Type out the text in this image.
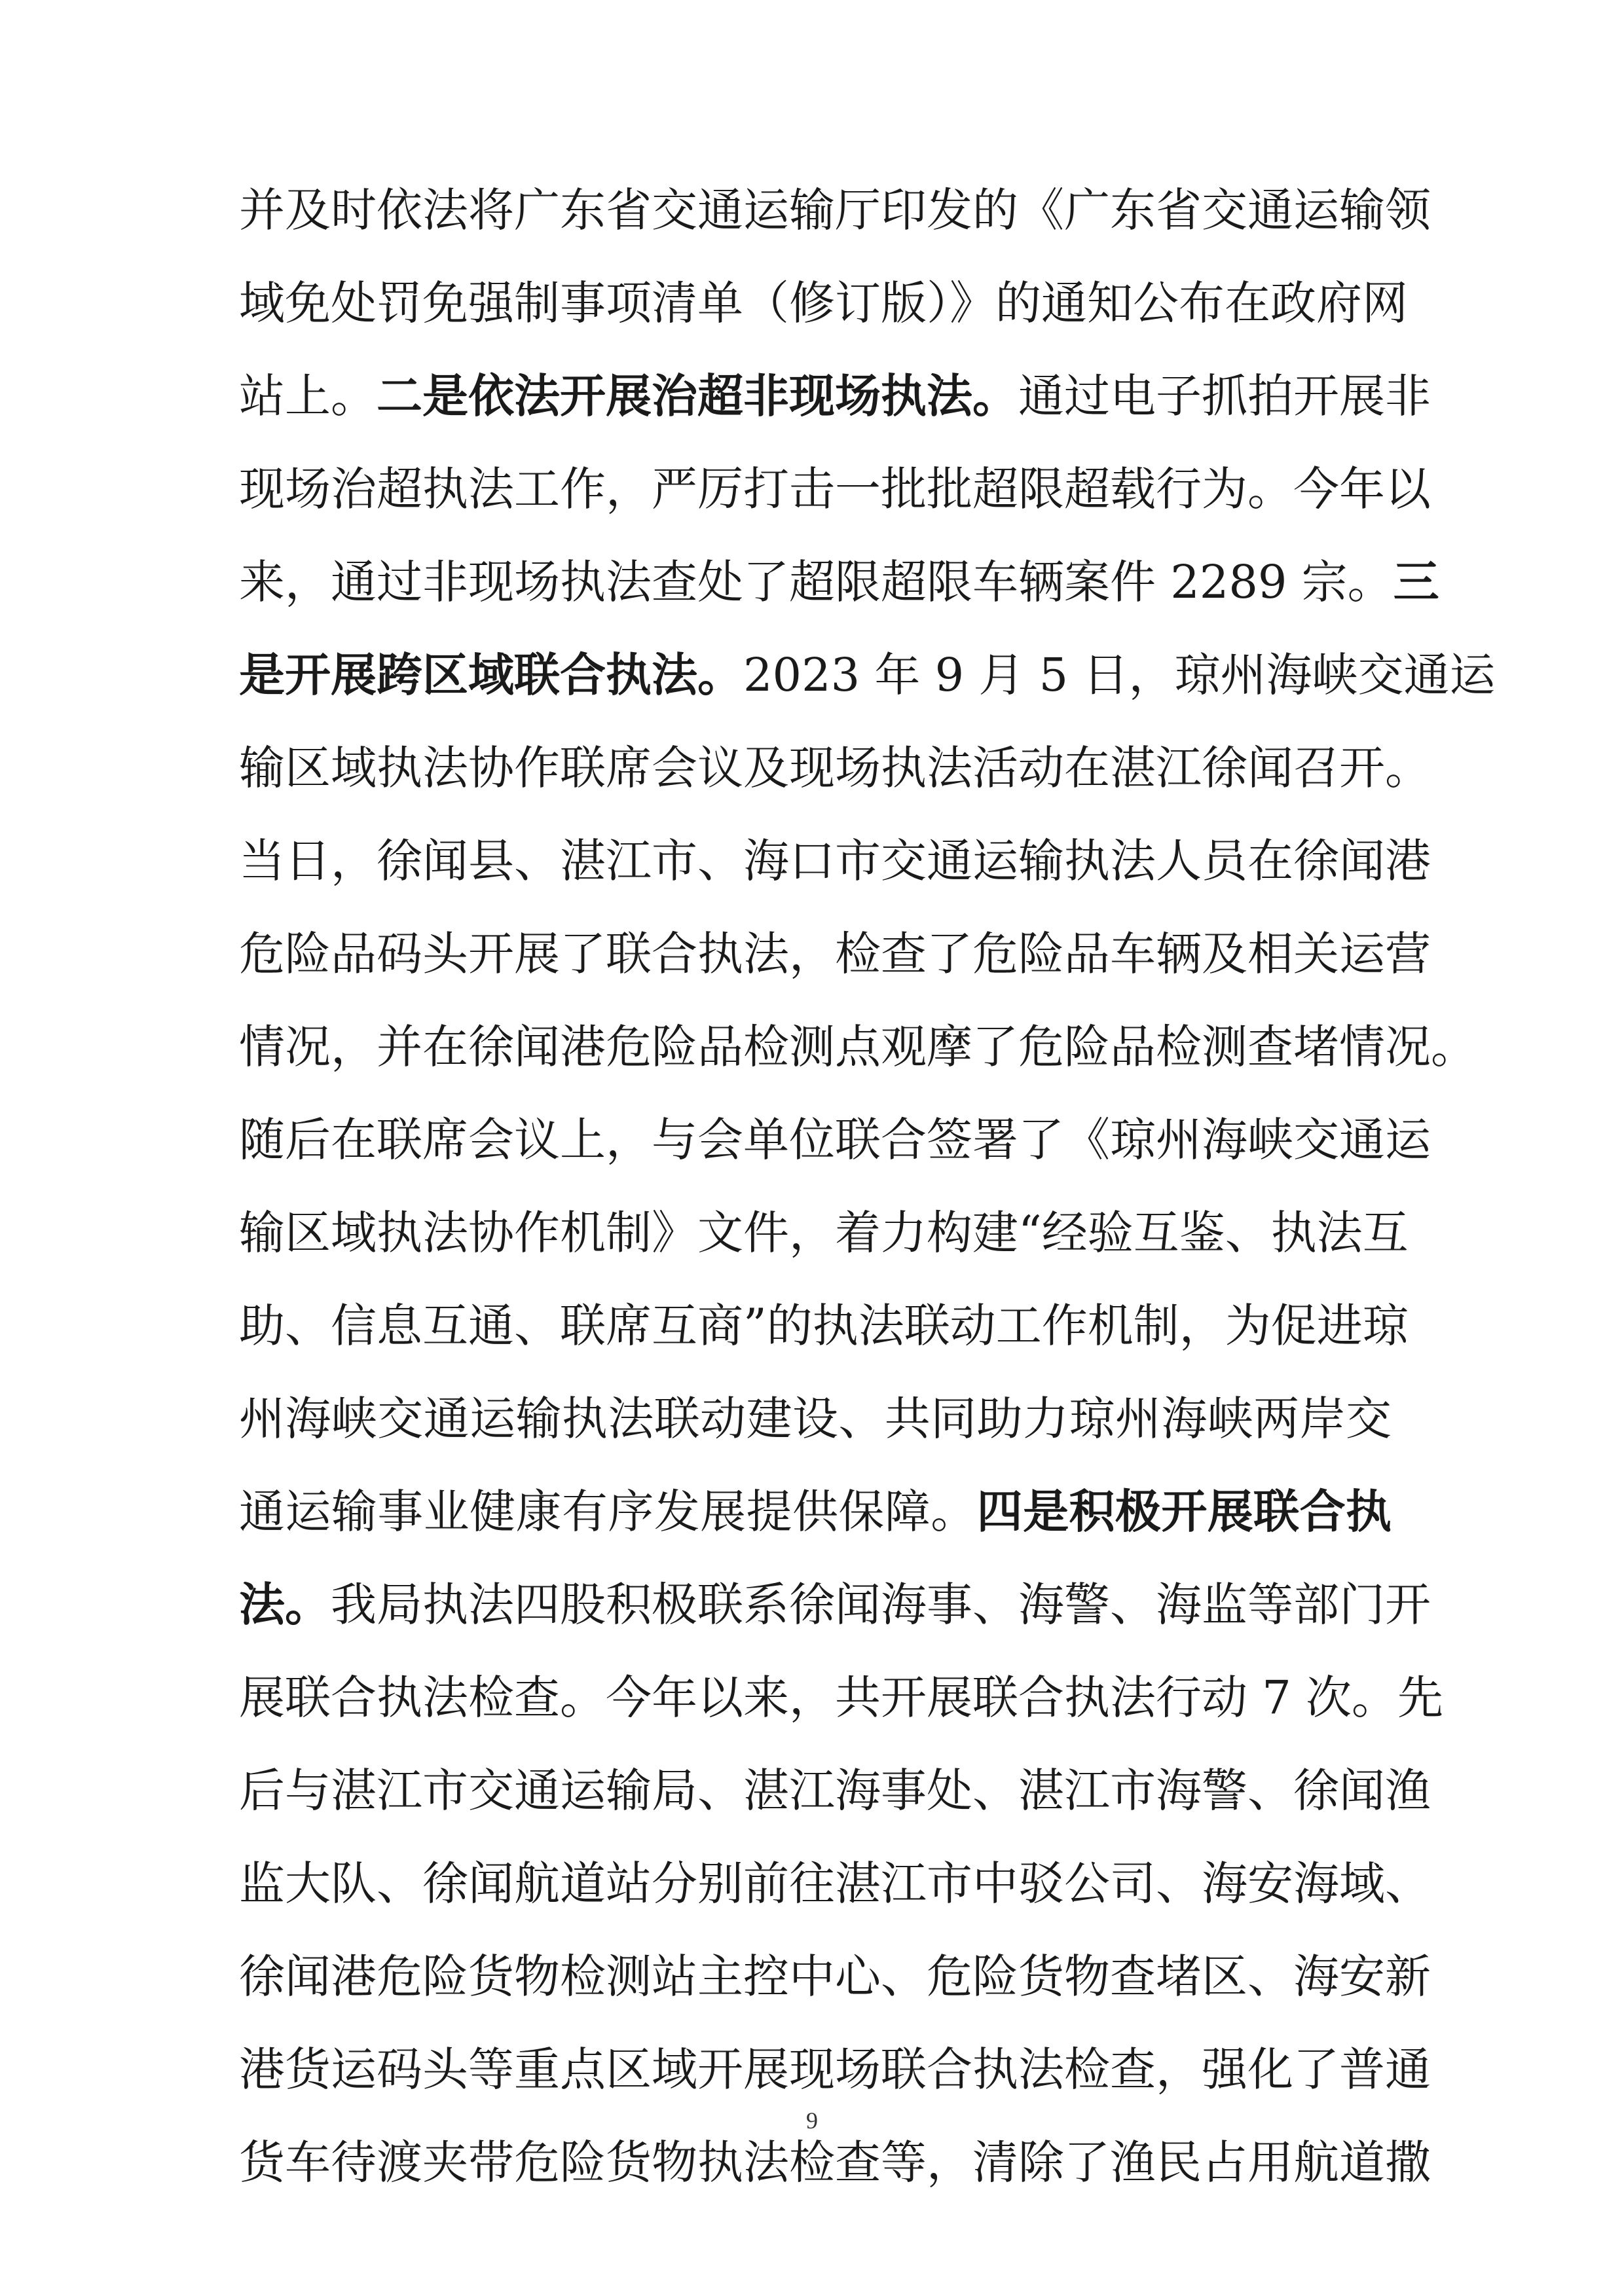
并及时依法将广东省交通运输厅印发的《广东省交通运输领
域免处罚免强制事项清单（修订版）》的通知公布在政府网
站上。二是依法开展治超非现场执法。通过电子抓拍开展非
现场治超执法工作，严厉打击一批批超限超载行为。今年以
来，通过非现场执法查处了超限超限车辆案件 2289 宗。三
是开展跨区域联合执法。2023 年 9 月 5 日，琼州海峡交通运
输区域执法协作联席会议及现场执法活动在湛江徐闻召开。
当日，徐闻县、湛江市、海口市交通运输执法人员在徐闻港
危险品码头开展了联合执法，检查了危险品车辆及相关运营
情况，并在徐闻港危险品检测点观摩了危险品检测查堵情况。
随后在联席会议上，与会单位联合签署了《琼州海峡交通运
输区域执法协作机制》文件，着力构建“经验互鉴、执法互
助、信息互通、联席互商”的执法联动工作机制，为促进琼
州海峡交通运输执法联动建设、共同助力琼州海峡两岸交
通运输事业健康有序发展提供保障。四是积极开展联合执
法。我局执法四股积极联系徐闻海事、海警、海监等部门开
展联合执法检查。今年以来，共开展联合执法行动 7 次。先
后与湛江市交通运输局、湛江海事处、湛江市海警、徐闻渔
监大队、徐闻航道站分别前往湛江市中驳公司、海安海域、
徐闻港危险货物检测站主控中心、危险货物查堵区、海安新
港货运码头等重点区域开展现场联合执法检查，强化了普通
货车待渡夹带危险货物执法检查等，清除了渔民占用航道撒
9
